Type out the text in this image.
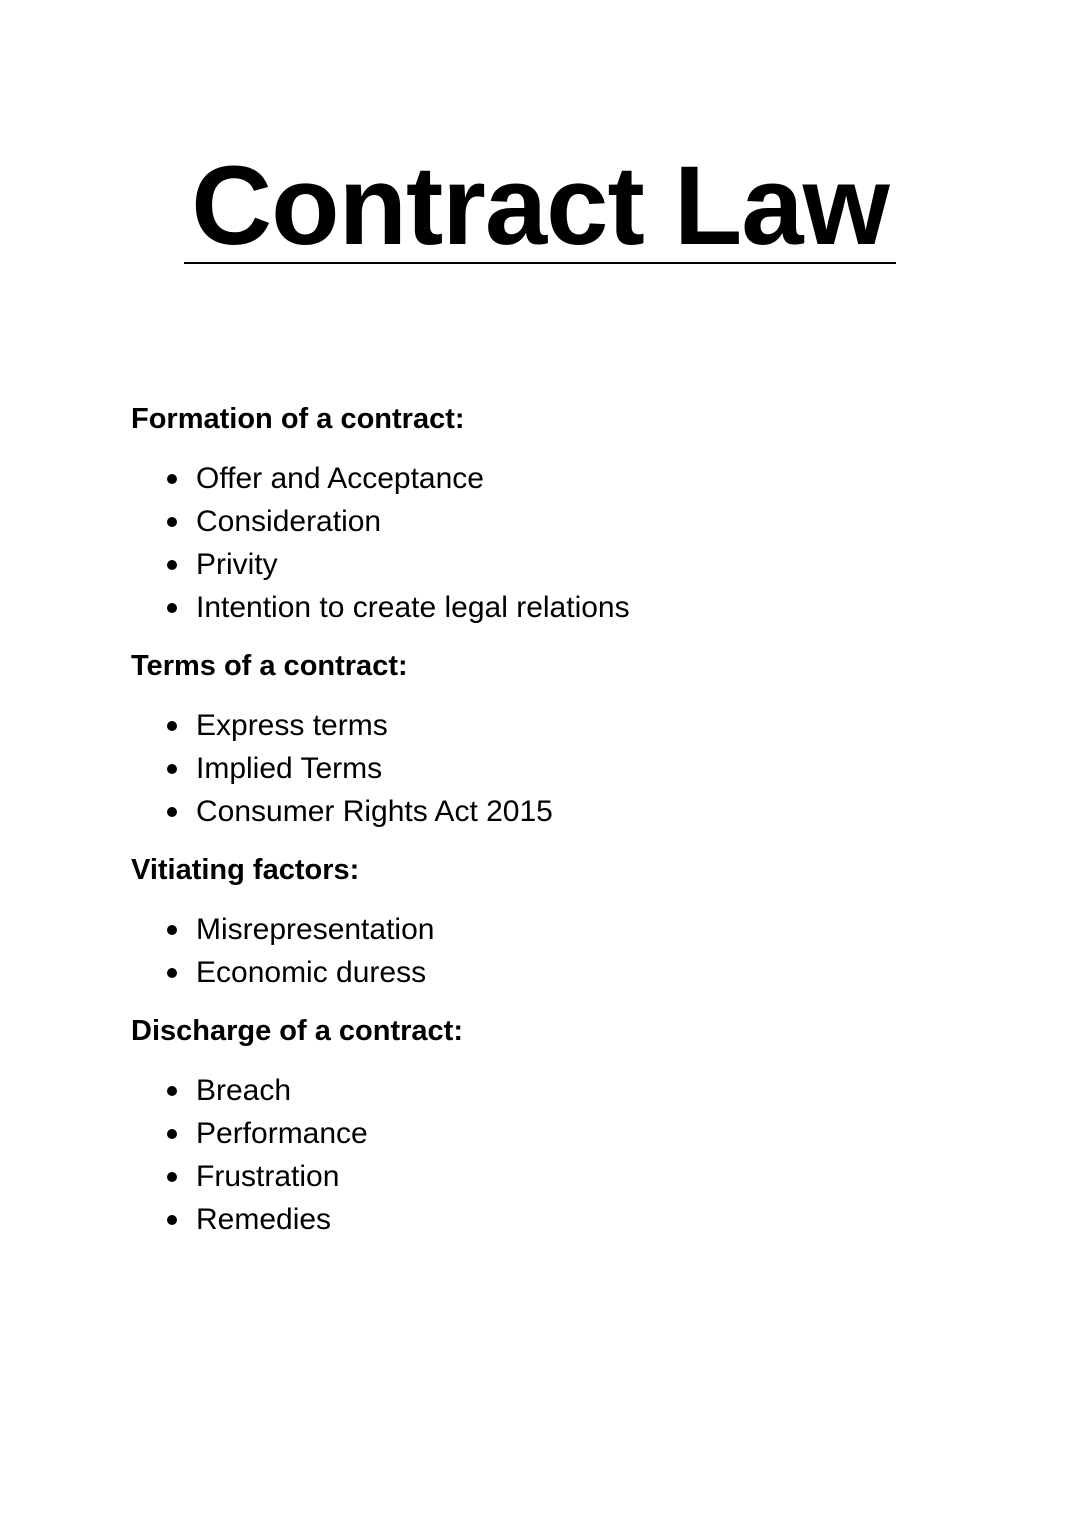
Contract Law
Formation of a contract:
Offer and Acceptance
Consideration
Privity
Intention to create legal relations
Terms of a contract:
Express terms
Implied Terms
Consumer Rights Act 2015
Vitiating factors:
Misrepresentation
Economic duress
Discharge of a contract:
Breach
Performance
Frustration
Remedies
